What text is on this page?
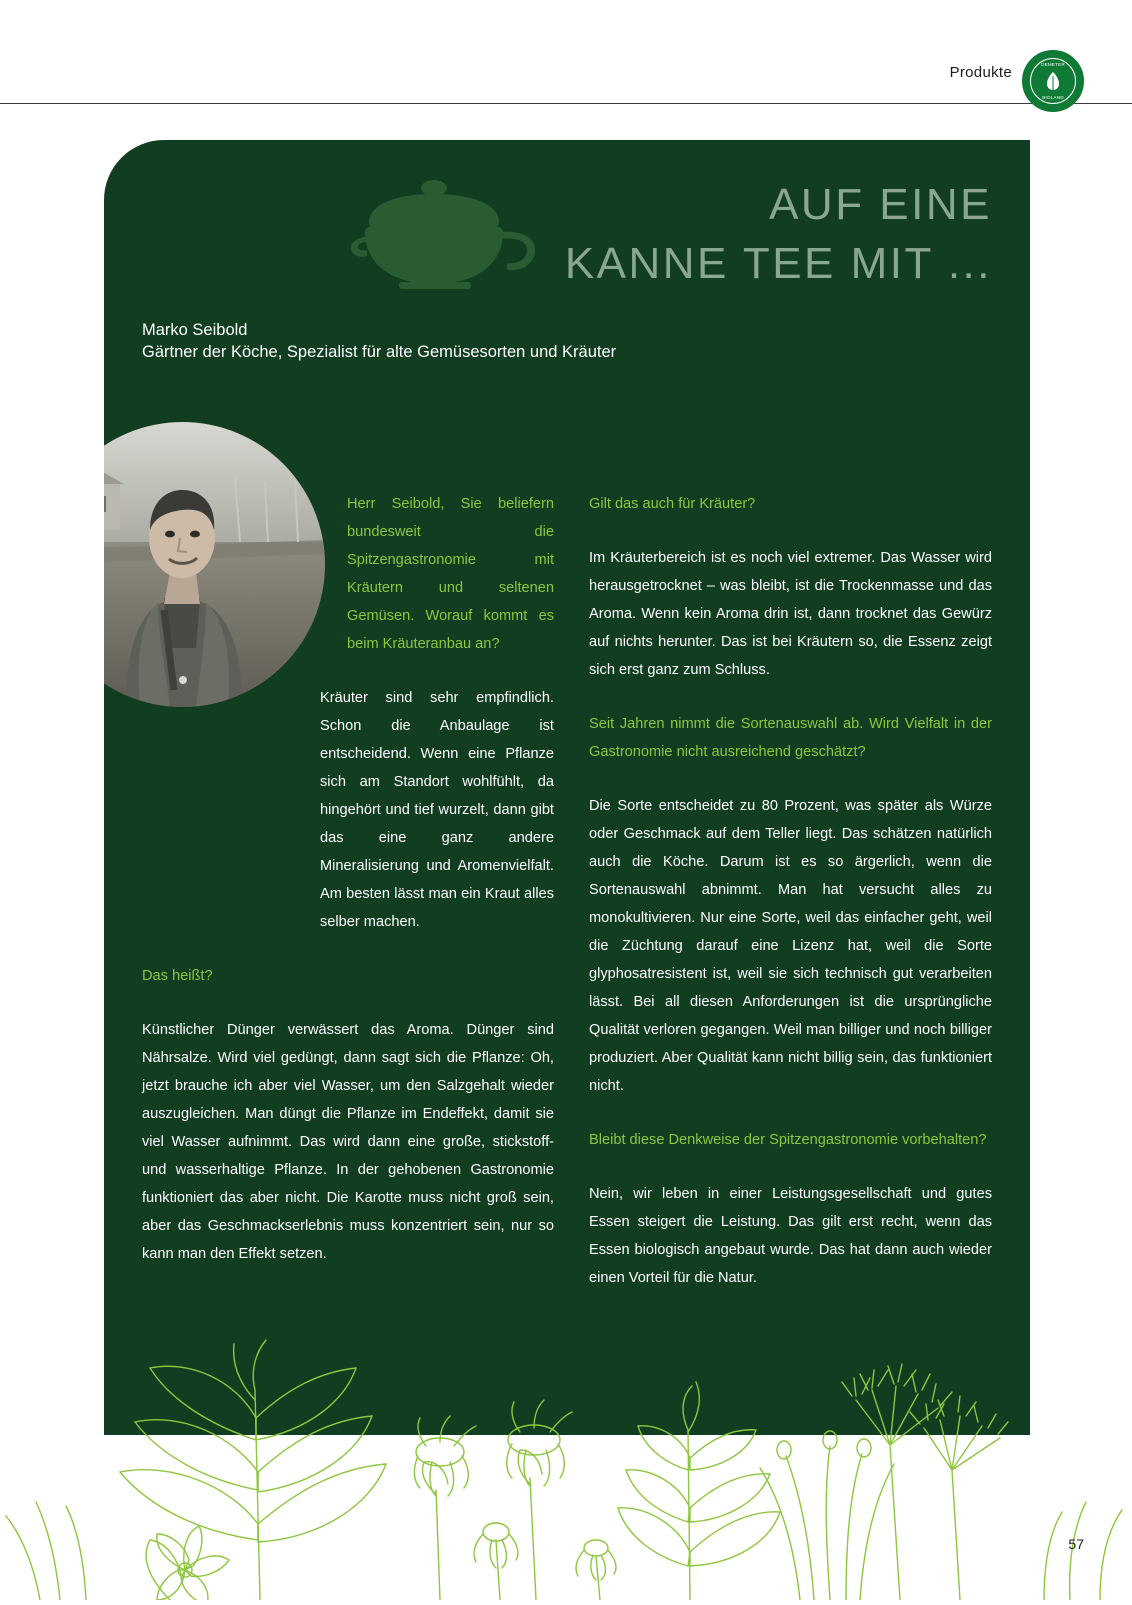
Produkte	DEMETER
BIOLAND
AUF EINE
KANNE TEE MIT ...
Marko Seibold
Gärtner der Köche, Spezialist für alte Gemüsesorten und Kräuter

Herr Seibold, Sie beliefern bundesweit die Spitzengastronomie mit Kräutern und seltenen Gemüsen. Worauf kommt es beim Kräuteranbau an?

Kräuter sind sehr empfindlich. Schon die Anbaulage ist entscheidend. Wenn eine Pflanze sich am Standort wohlfühlt, da hingehört und tief wurzelt, dann gibt das eine ganz andere Mineralisierung und Aromenvielfalt. Am besten lässt man ein Kraut alles selber machen.

Das heißt?

Künstlicher Dünger verwässert das Aroma. Dünger sind Nährsalze. Wird viel gedüngt, dann sagt sich die Pflanze: Oh, jetzt brauche ich aber viel Wasser, um den Salzgehalt wieder auszugleichen. Man düngt die Pflanze im Endeffekt, damit sie viel Wasser aufnimmt. Das wird dann eine große, stickstoff- und wasserhaltige Pflanze. In der gehobenen Gastronomie funktioniert das aber nicht. Die Karotte muss nicht groß sein, aber das Geschmackserlebnis muss konzentriert sein, nur so kann man den Effekt setzen.

Gilt das auch für Kräuter?

Im Kräuterbereich ist es noch viel extremer. Das Wasser wird herausgetrocknet – was bleibt, ist die Trockenmasse und das Aroma. Wenn kein Aroma drin ist, dann trocknet das Gewürz auf nichts herunter. Das ist bei Kräutern so, die Essenz zeigt sich erst ganz zum Schluss.

Seit Jahren nimmt die Sortenauswahl ab. Wird Vielfalt in der Gastronomie nicht ausreichend geschätzt?

Die Sorte entscheidet zu 80 Prozent, was später als Würze oder Geschmack auf dem Teller liegt. Das schätzen natürlich auch die Köche. Darum ist es so ärgerlich, wenn die Sortenauswahl abnimmt. Man hat versucht alles zu monokultivieren. Nur eine Sorte, weil das einfacher geht, weil die Züchtung darauf eine Lizenz hat, weil die Sorte glyphosatresistent ist, weil sie sich technisch gut verarbeiten lässt. Bei all diesen Anforderungen ist die ursprüngliche Qualität verloren gegangen. Weil man billiger und noch billiger produziert. Aber Qualität kann nicht billig sein, das funktioniert nicht.

Bleibt diese Denkweise der Spitzengastronomie vorbehalten?

Nein, wir leben in einer Leistungsgesellschaft und gutes Essen steigert die Leistung. Das gilt erst recht, wenn das Essen biologisch angebaut wurde. Das hat dann auch wieder einen Vorteil für die Natur.

57
